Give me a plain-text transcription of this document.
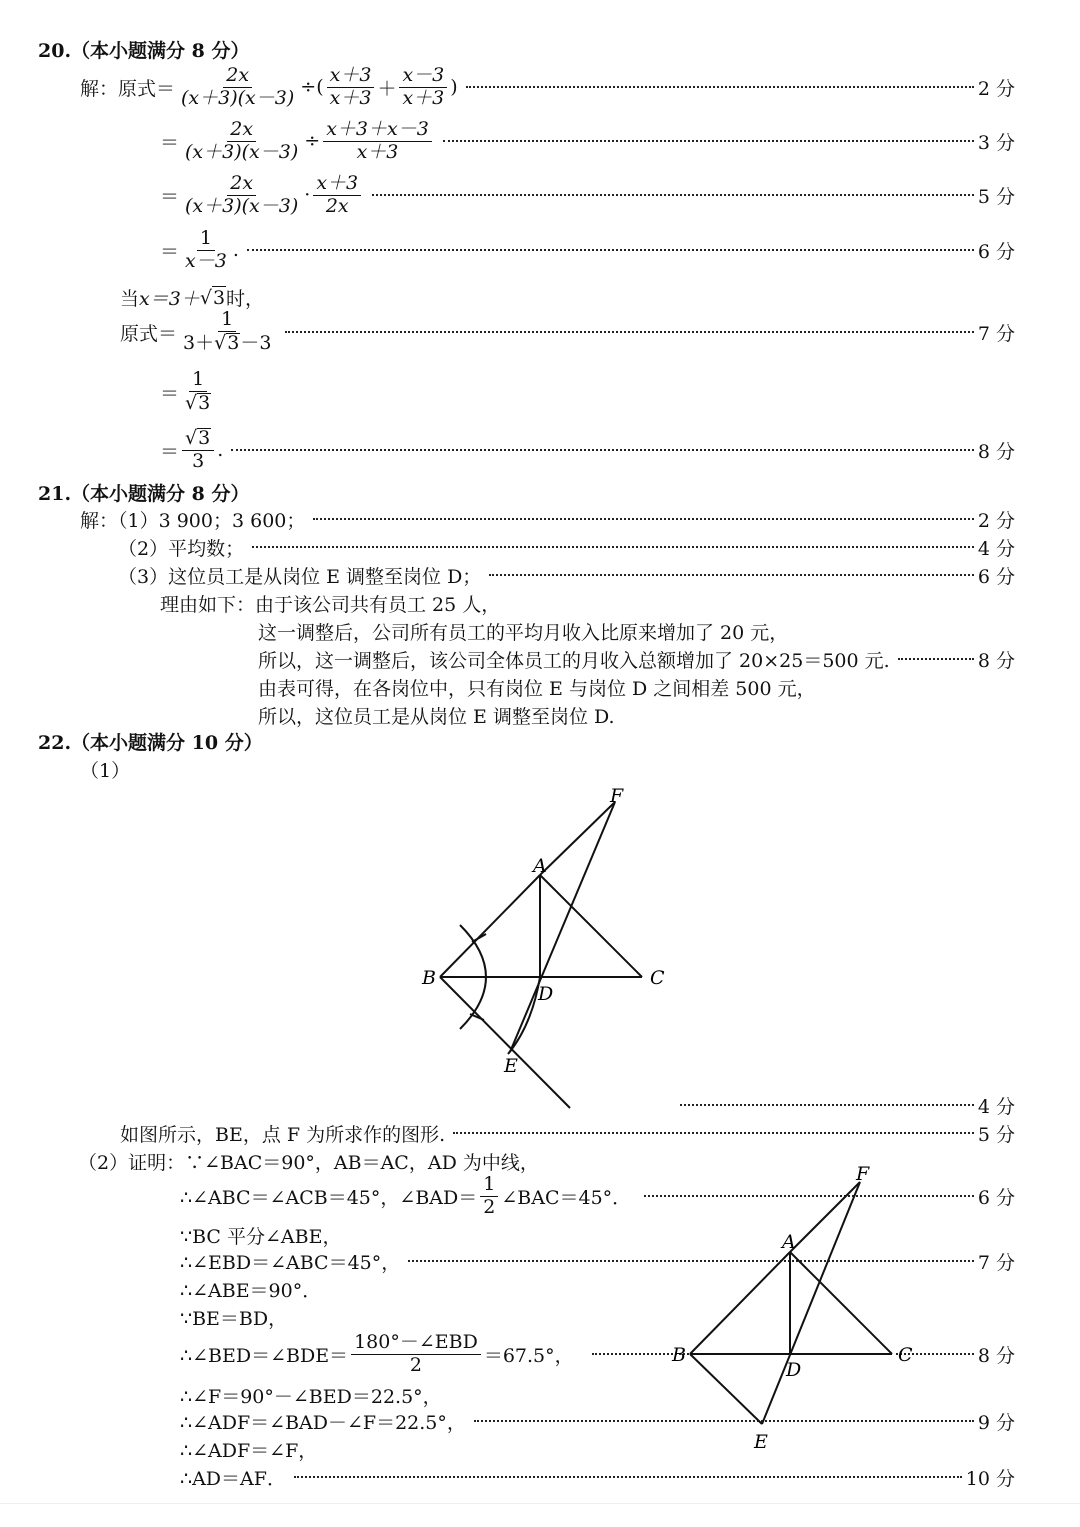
20.（本小题满分 8 分）
解：原式＝ $\frac{2x}{(x+3)(x-3)}$ ÷ ( $\frac{x+3}{x+3} + \frac{x-3}{x+3}$ )	2 分
＝ $\frac{2x}{(x+3)(x-3)} \div \frac{x+3+x-3}{x+3}$	3 分
＝ $\frac{2x}{(x+3)(x-3)} \cdot \frac{x+3}{2x}$	5 分
＝ $\frac{1}{x-3}$ .	6 分
当 x＝3＋ √ 3 时，
原式＝ $\frac{1}{3+√ 3 -3}$	7 分
＝ $\frac{1}{√ 3}$
＝ $\frac{√ 3}{3}$ .	8 分
21.（本小题满分 8 分）
解：（1）3 900；3 600；	2 分
（2）平均数；	4 分
（3）这位员工是从岗位 E 调整至岗位 D；	6 分
理由如下：由于该公司共有员工 25 人，
这一调整后，公司所有员工的平均月收入比原来增加了 20 元，
所以，这一调整后，该公司全体员工的月收入总额增加了 20×25＝500 元.	8 分
由表可得，在各岗位中，只有岗位 E 与岗位 D 之间相差 500 元，
所以，这位员工是从岗位 E 调整至岗位 D.
22.（本小题满分 10 分）
（1）
A
B	C
D
E
F
4 分
如图所示，BE，点 F 为所求作的图形.	5 分
（2）证明：∵∠BAC＝90°，AB＝AC，AD 为中线，
∴∠ABC＝∠ACB＝45°，∠BAD＝ $\frac{1}{2}$ ∠BAC＝45°．	6 分
∵BC 平分∠ABE，
∴∠EBD＝∠ABC＝45°，	7 分
∴∠ABE＝90°．
∵BE＝BD，
∴∠BED＝∠BDE＝ $\frac{\text{180°－∠EBD}}{2} =67.5^\circ$，	8 分
∴∠F＝90°－∠BED＝22.5°，
∴∠ADF＝∠BAD－∠F＝22.5°，	9 分
∴∠ADF＝∠F，
∴AD＝AF．	10 分
A
B	C
D
E
F
